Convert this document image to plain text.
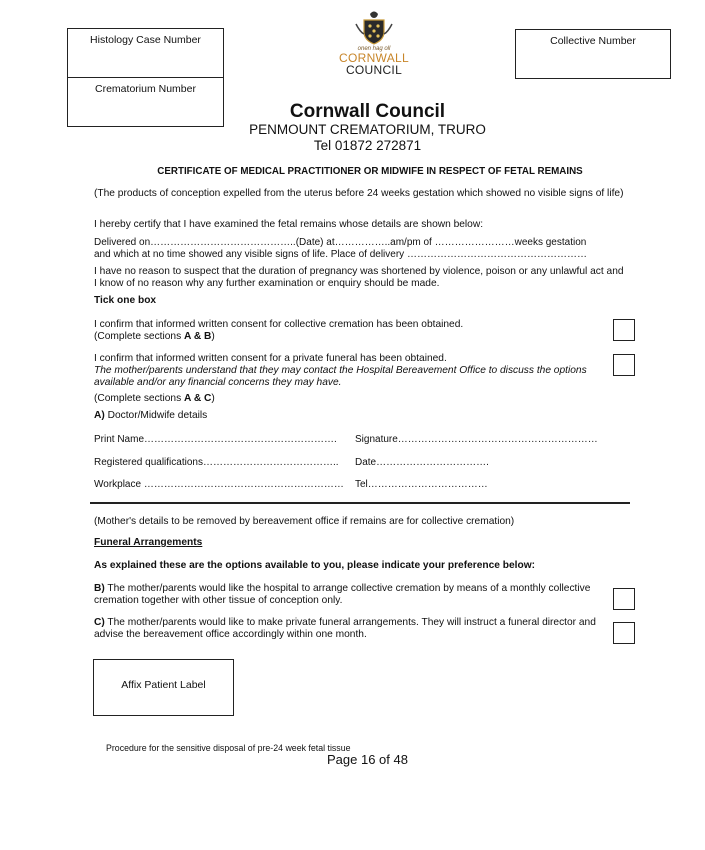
Histology Case Number
Crematorium Number
Collective Number
onen hag oll
CORNWALL
COUNCIL
Cornwall Council
PENMOUNT CREMATORIUM, TRURO
Tel 01872 272871
CERTIFICATE OF MEDICAL PRACTITIONER OR MIDWIFE IN RESPECT OF FETAL REMAINS
(The products of conception expelled from the uterus before 24 weeks gestation which showed no visible signs of life)
I hereby certify that I have examined the fetal remains whose details are shown below:
Delivered on……………………………………..(Date) at……………..am/pm of ……………………weeks gestation
and which at no time showed any visible signs of life. Place of delivery ………………………………………………
I have no reason to suspect that the duration of pregnancy was shortened by violence, poison or any unlawful act and I know of no reason why any further examination or enquiry should be made.
Tick one box
I confirm that informed written consent for collective cremation has been obtained.
(Complete sections A & B)
I confirm that informed written consent for a private funeral has been obtained.
The mother/parents understand that they may contact the Hospital Bereavement Office to discuss the options available and/or any financial concerns they may have.
(Complete sections A & C)
A) Doctor/Midwife details
Print Name…………………………………………………. Signature……………………………………………………
Registered qualifications………………………………….. Date…………………………….
Workplace …………………………………………………… Tel………………………………
(Mother's details to be removed by bereavement office if remains are for collective cremation)
Funeral Arrangements
As explained these are the options available to you, please indicate your preference below:
B) The mother/parents would like the hospital to arrange collective cremation by means of a monthly collective cremation together with other tissue of conception only.
C) The mother/parents would like to make private funeral arrangements. They will instruct a funeral director and advise the bereavement office accordingly within one month.
Affix Patient Label
Procedure for the sensitive disposal of pre-24 week fetal tissue
Page 16 of 48
